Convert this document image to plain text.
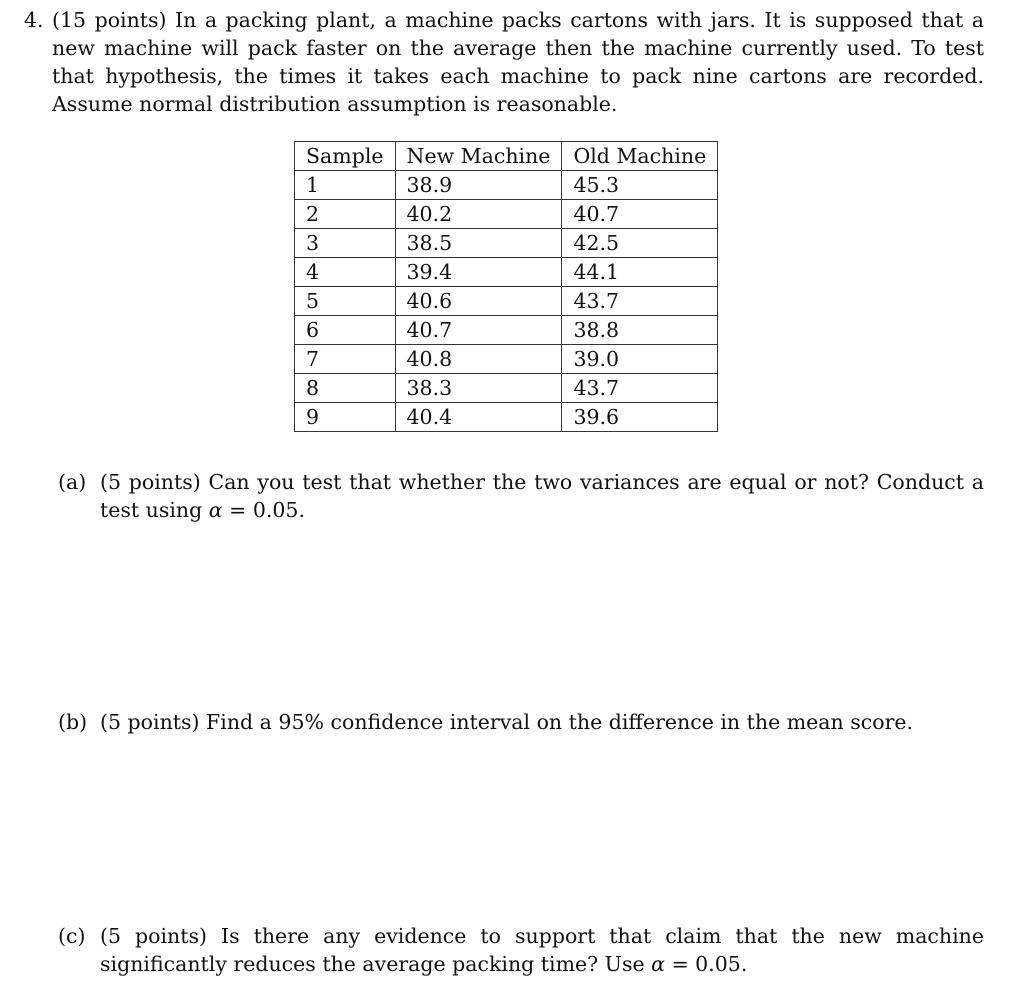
4. (15 points) In a packing plant, a machine packs cartons with jars. It is supposed that a new machine will pack faster on the average then the machine currently used. To test that hypothesis, the times it takes each machine to pack nine cartons are recorded. Assume normal distribution assumption is reasonable.
Sample	New Machine	Old Machine
1	38.9	45.3
2	40.2	40.7
3	38.5	42.5
4	39.4	44.1
5	40.6	43.7
6	40.7	38.8
7	40.8	39.0
8	38.3	43.7
9	40.4	39.6
(a) (5 points) Can you test that whether the two variances are equal or not? Conduct a test using α = 0.05.
(b) (5 points) Find a 95% confidence interval on the difference in the mean score.
(c) (5 points) Is there any evidence to support that claim that the new machine significantly reduces the average packing time? Use α = 0.05.
